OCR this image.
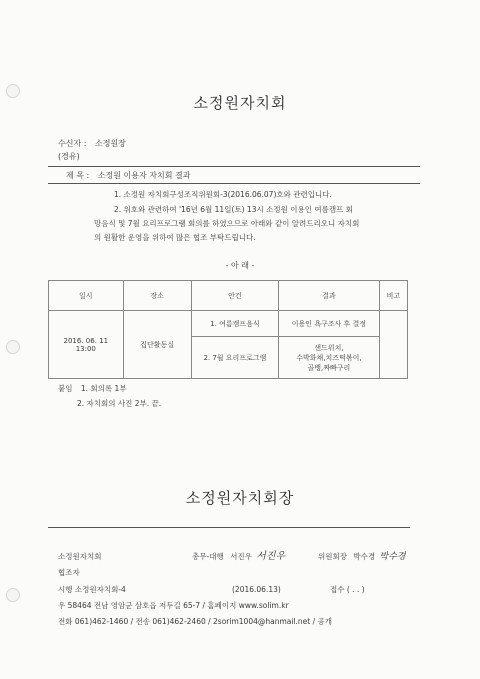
소정원자치회
수신자 : 소정원장
(경유)
제 목 : 소정원 이용자 자치회 결과
1. 소정원 자치회구성조직위원회-3(2016.06.07)호와 관련입니다.
2. 위호와 관련하여 '16년 6월 11일(토) 13시 소정원 이용인 여름캠프 회
망음식 및 7월 요리프로그램 회의를 하였으므로 아래와 같이 알려드리오니 자치회
의 원활한 운영을 위하여 많은 협조 부탁드립니다.
- 아 래 -
일시	장소	안건	결과	비고

2016. 06. 11
13:00	집단활동실	1. 여름캠프음식	이용인 욕구조사 후 결정	
		2. 7월 요리프로그램	샌드위치,
수박화채,치즈떡볶이,
골뱅,짜빠구리	
붙임 1. 회의록 1부
2. 자치회의 사진 2부. 끝.
소정원자치회장
소정원자치회	총무-대행 서진우 서진우	위원회장 박수경 박수경
협조자
시행 소정원자치회-4	(2016.06.13)	접수 ( . . )
우 58464 전남 영암군 삼호읍 저두길 65-7 / 홈페이지 www.solim.kr
전화 061)462-1460 / 전송 061)462-2460 / 2sorim1004@hanmail.net / 공개
